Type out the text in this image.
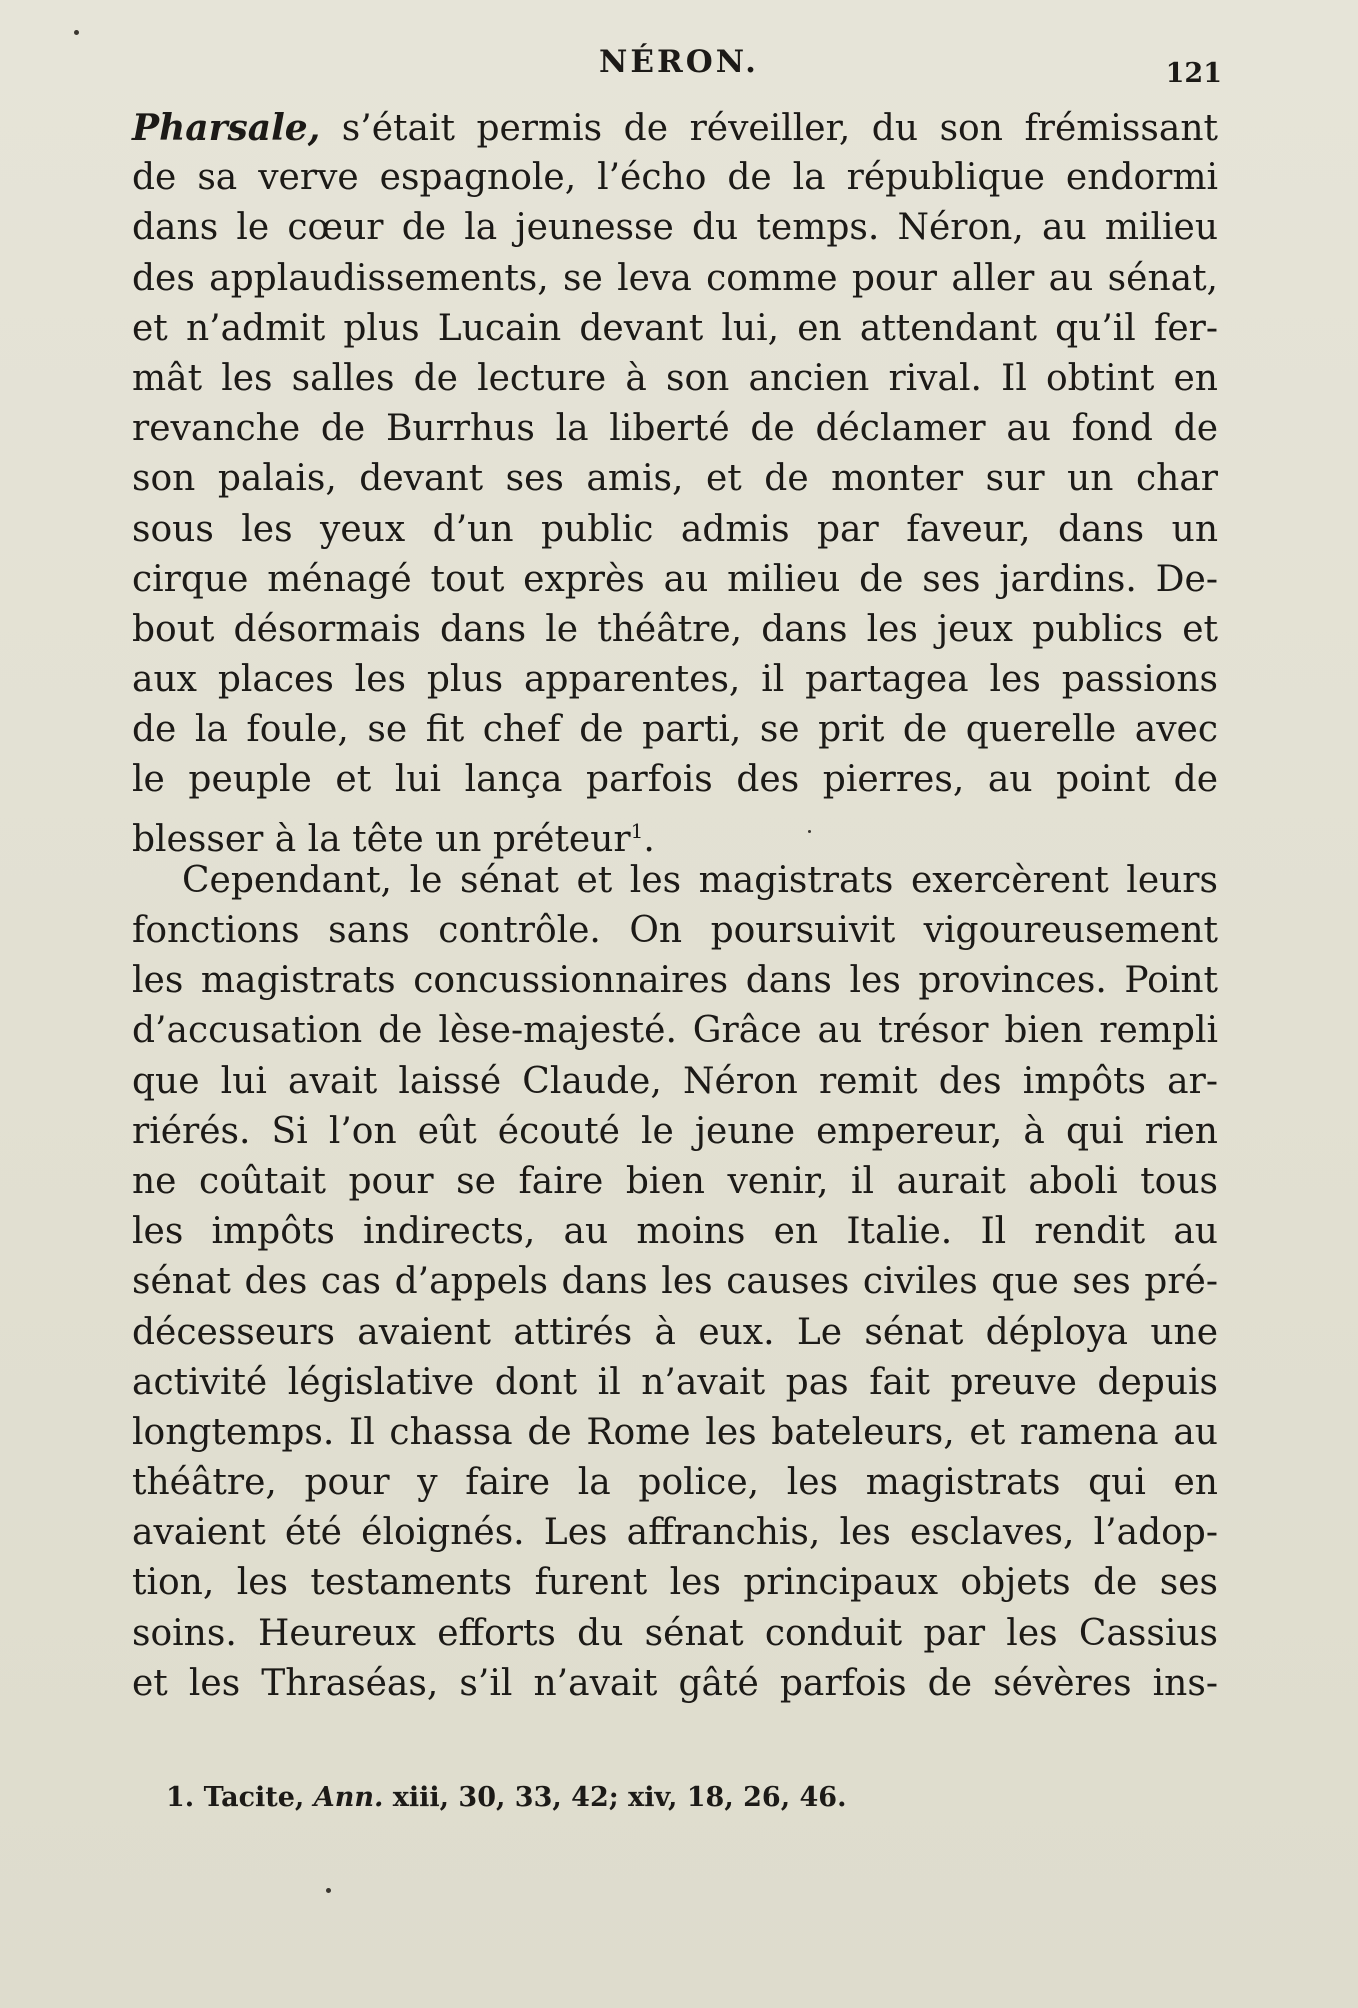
NÉRON.	121
Pharsale, s’était permis de réveiller, du son frémissant
de sa verve espagnole, l’écho de la république endormi
dans le cœur de la jeunesse du temps. Néron, au milieu
des applaudissements, se leva comme pour aller au sénat,
et n’admit plus Lucain devant lui, en attendant qu’il fer-
mât les salles de lecture à son ancien rival. Il obtint en
revanche de Burrhus la liberté de déclamer au fond de
son palais, devant ses amis, et de monter sur un char
sous les yeux d’un public admis par faveur, dans un
cirque ménagé tout exprès au milieu de ses jardins. De-
bout désormais dans le théâtre, dans les jeux publics et
aux places les plus apparentes, il partagea les passions
de la foule, se fit chef de parti, se prit de querelle avec
le peuple et lui lança parfois des pierres, au point de
blesser à la tête un préteur$^1$.
Cependant, le sénat et les magistrats exercèrent leurs
fonctions sans contrôle. On poursuivit vigoureusement
les magistrats concussionnaires dans les provinces. Point
d’accusation de lèse-majesté. Grâce au trésor bien rempli
que lui avait laissé Claude, Néron remit des impôts ar-
riérés. Si l’on eût écouté le jeune empereur, à qui rien
ne coûtait pour se faire bien venir, il aurait aboli tous
les impôts indirects, au moins en Italie. Il rendit au
sénat des cas d’appels dans les causes civiles que ses pré-
décesseurs avaient attirés à eux. Le sénat déploya une
activité législative dont il n’avait pas fait preuve depuis
longtemps. Il chassa de Rome les bateleurs, et ramena au
théâtre, pour y faire la police, les magistrats qui en
avaient été éloignés. Les affranchis, les esclaves, l’adop-
tion, les testaments furent les principaux objets de ses
soins. Heureux efforts du sénat conduit par les Cassius
et les Thraséas, s’il n’avait gâté parfois de sévères ins-
1. Tacite, Ann. xiii, 30, 33, 42; xiv, 18, 26, 46.
